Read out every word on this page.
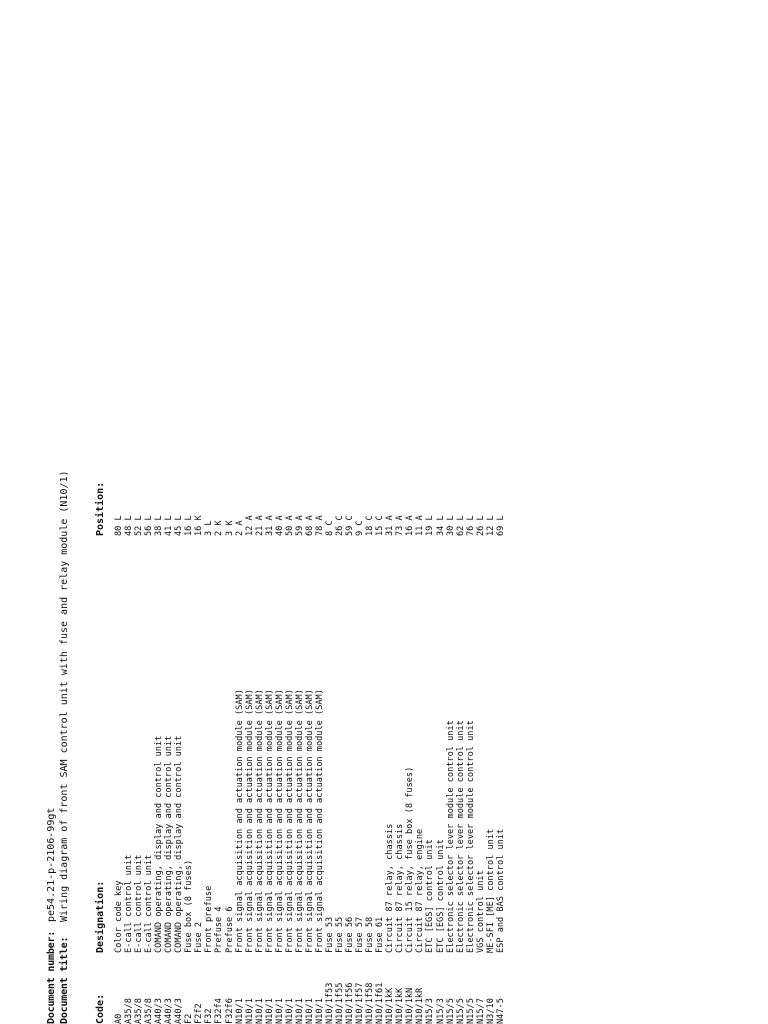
Document number:
pe54.21-p-2106-99gt
Document title:
Wiring diagram of front SAM control unit with fuse and relay module (N10/1)
Code:
Designation:
Position:
A0
Color code key
80 L
A35/8
E-call control unit
48 L
A35/8
E-call control unit
52 L
A35/8
E-call control unit
56 L
A40/3
COMAND operating, display and control unit
38 L
A40/3
COMAND operating, display and control unit
41 L
A40/3
COMAND operating, display and control unit
45 L
F2
Fuse box (8 fuses)
16 L
F2f2
Fuse 2
16 K
F32
Front prefuse
3 L
F32f4
Prefuse 4
2 K
F32f6
Prefuse 6
3 K
N10/1
Front signal acquisition and actuation module (SAM)
2 A
N10/1
Front signal acquisition and actuation module (SAM)
12 A
N10/1
Front signal acquisition and actuation module (SAM)
21 A
N10/1
Front signal acquisition and actuation module (SAM)
31 A
N10/1
Front signal acquisition and actuation module (SAM)
40 A
N10/1
Front signal acquisition and actuation module (SAM)
50 A
N10/1
Front signal acquisition and actuation module (SAM)
59 A
N10/1
Front signal acquisition and actuation module (SAM)
68 A
N10/1
Front signal acquisition and actuation module (SAM)
78 A
N10/1f53
Fuse 53
8 C
N10/1f55
Fuse 55
26 C
N10/1f56
Fuse 56
59 C
N10/1f57
Fuse 57
9 C
N10/1f58
Fuse 58
18 C
N10/1f61
Fuse 61
15 C
N10/1kK
Circuit 87 relay, chassis
31 A
N10/1kK
Circuit 87 relay, chassis
73 A
N10/1kN
Circuit 15 relay, fuse box (8 fuses)
16 A
N10/1kR
Circuit 87 relay, engine
11 A
N15/3
ETC [EGS] control unit
19 L
N15/3
ETC [EGS] control unit
34 L
N15/5
Electronic selector lever module control unit
30 L
N15/5
Electronic selector lever module control unit
62 L
N15/5
Electronic selector lever module control unit
76 L
N15/7
VGS control unit
26 L
N3/10
ME-SFI [ME] control unit
12 L
N47-5
ESP and BAS control unit
69 L
